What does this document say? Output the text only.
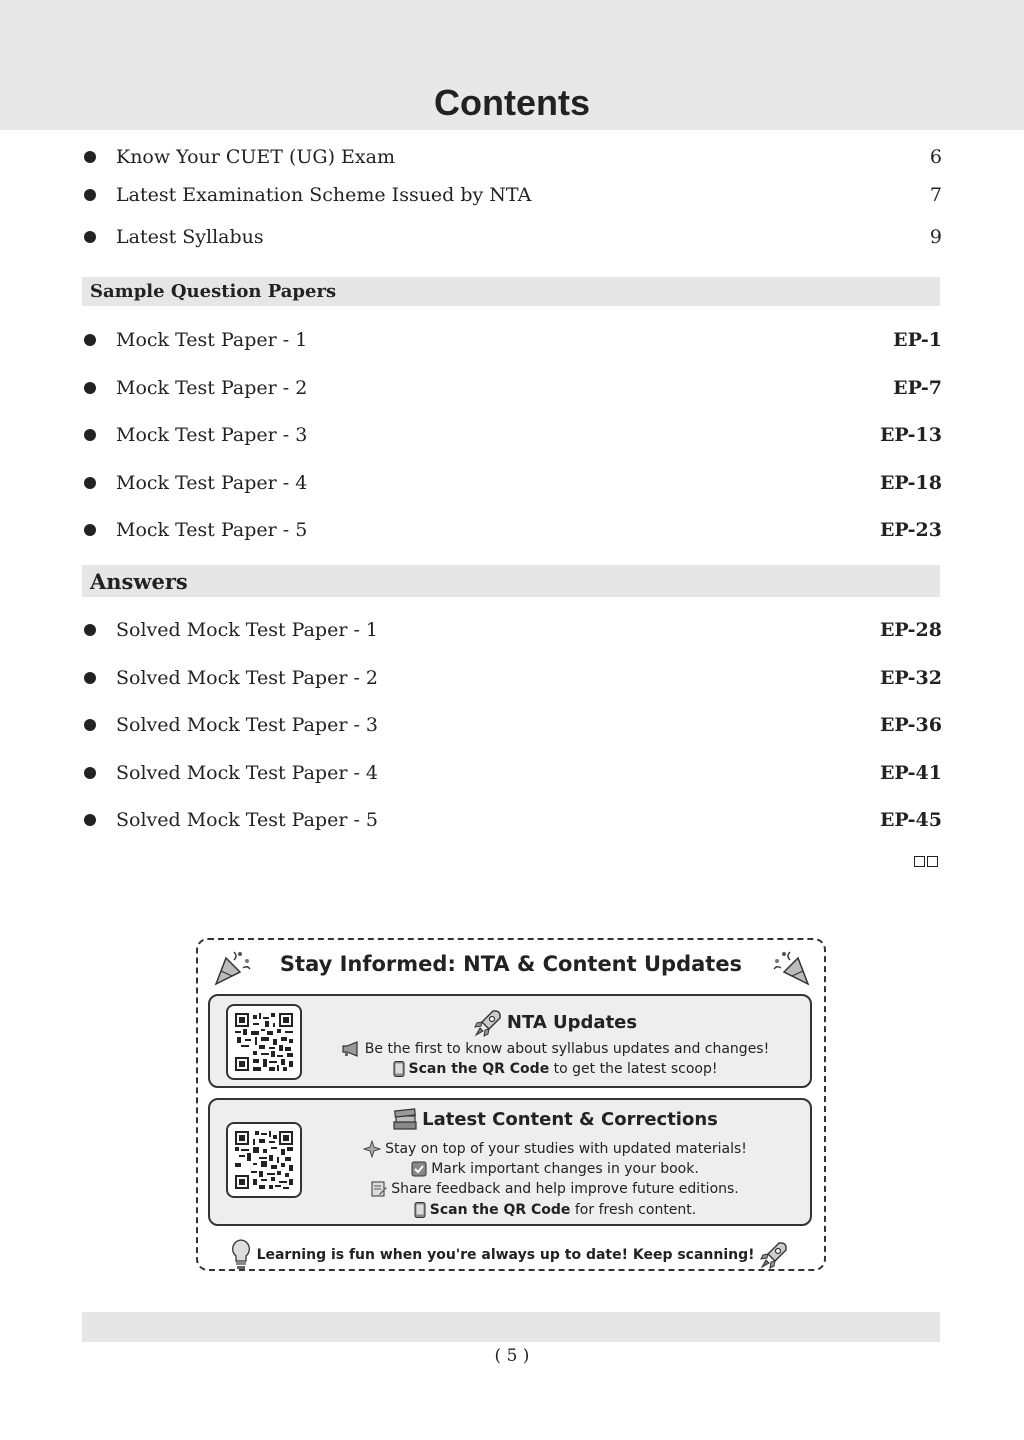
Contents
Know Your CUET (UG) Exam	6
Latest Examination Scheme Issued by NTA	7
Latest Syllabus	9
Sample Question Papers
Mock Test Paper - 1	EP-1
Mock Test Paper - 2	EP-7
Mock Test Paper - 3	EP-13
Mock Test Paper - 4	EP-18
Mock Test Paper - 5	EP-23
Answers
Solved Mock Test Paper - 1	EP-28
Solved Mock Test Paper - 2	EP-32
Solved Mock Test Paper - 3	EP-36
Solved Mock Test Paper - 4	EP-41
Solved Mock Test Paper - 5	EP-45
Stay Informed: NTA & Content Updates
NTA Updates
Be the first to know about syllabus updates and changes!
Scan the QR Code to get the latest scoop!
Latest Content & Corrections
Stay on top of your studies with updated materials!
Mark important changes in your book.
Share feedback and help improve future editions.
Scan the QR Code for fresh content.
Learning is fun when you're always up to date! Keep scanning!
( 5 )
